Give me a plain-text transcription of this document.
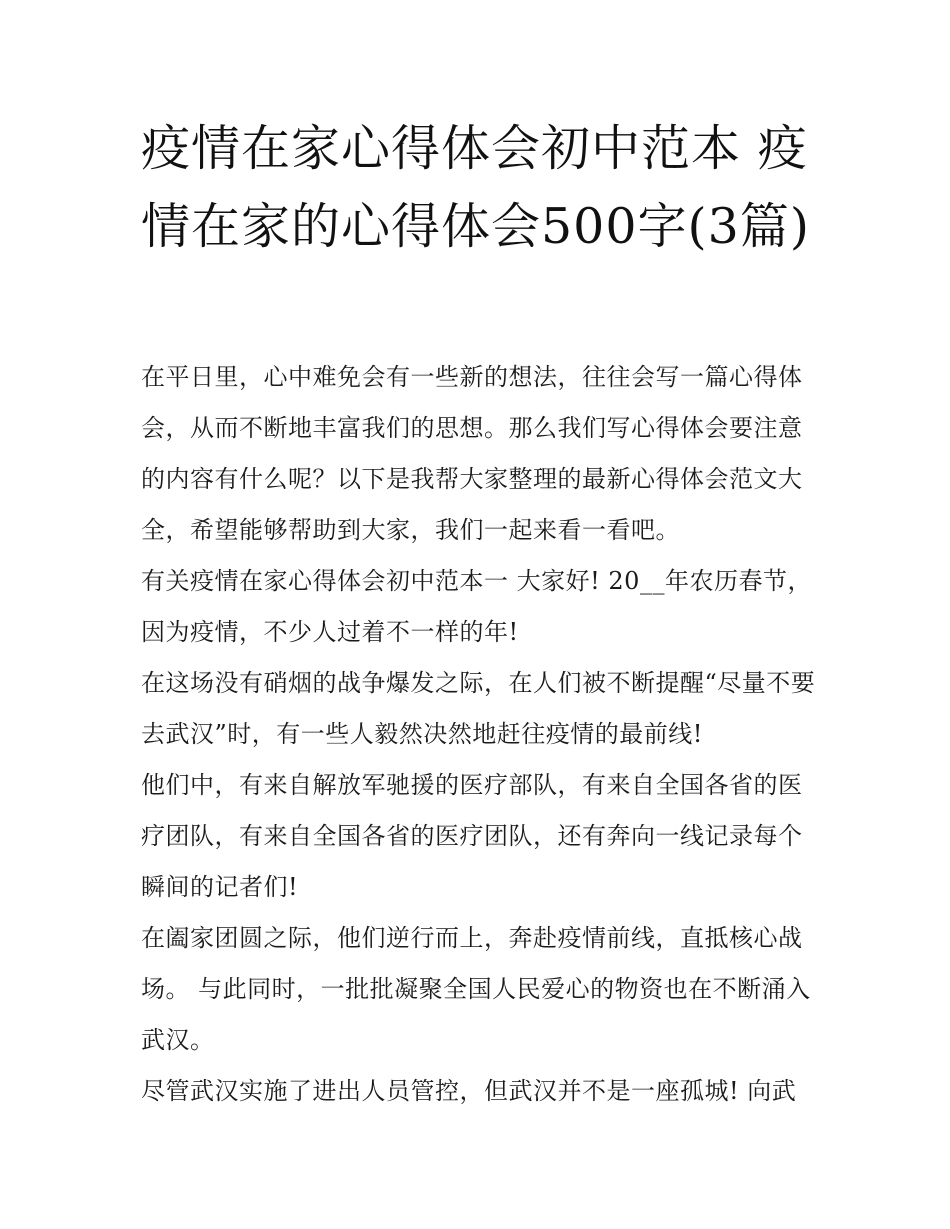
疫情在家心得体会初中范本 疫情在家的心得体会500字(3篇)

在平日里，心中难免会有一些新的想法，往往会写一篇心得体会，从而不断地丰富我们的思想。那么我们写心得体会要注意的内容有什么呢？以下是我帮大家整理的最新心得体会范文大全，希望能够帮助到大家，我们一起来看一看吧。

有关疫情在家心得体会初中范本一 大家好! 20__年农历春节，因为疫情，不少人过着不一样的年!

在这场没有硝烟的战争爆发之际，在人们被不断提醒“尽量不要去武汉”时，有一些人毅然决然地赶往疫情的最前线!

他们中，有来自解放军驰援的医疗部队，有来自全国各省的医疗团队，有来自全国各省的医疗团队，还有奔向一线记录每个瞬间的记者们!

在阖家团圆之际，他们逆行而上，奔赴疫情前线，直抵核心战场。 与此同时，一批批凝聚全国人民爱心的物资也在不断涌入武汉。

尽管武汉实施了进出人员管控，但武汉并不是一座孤城! 向武
